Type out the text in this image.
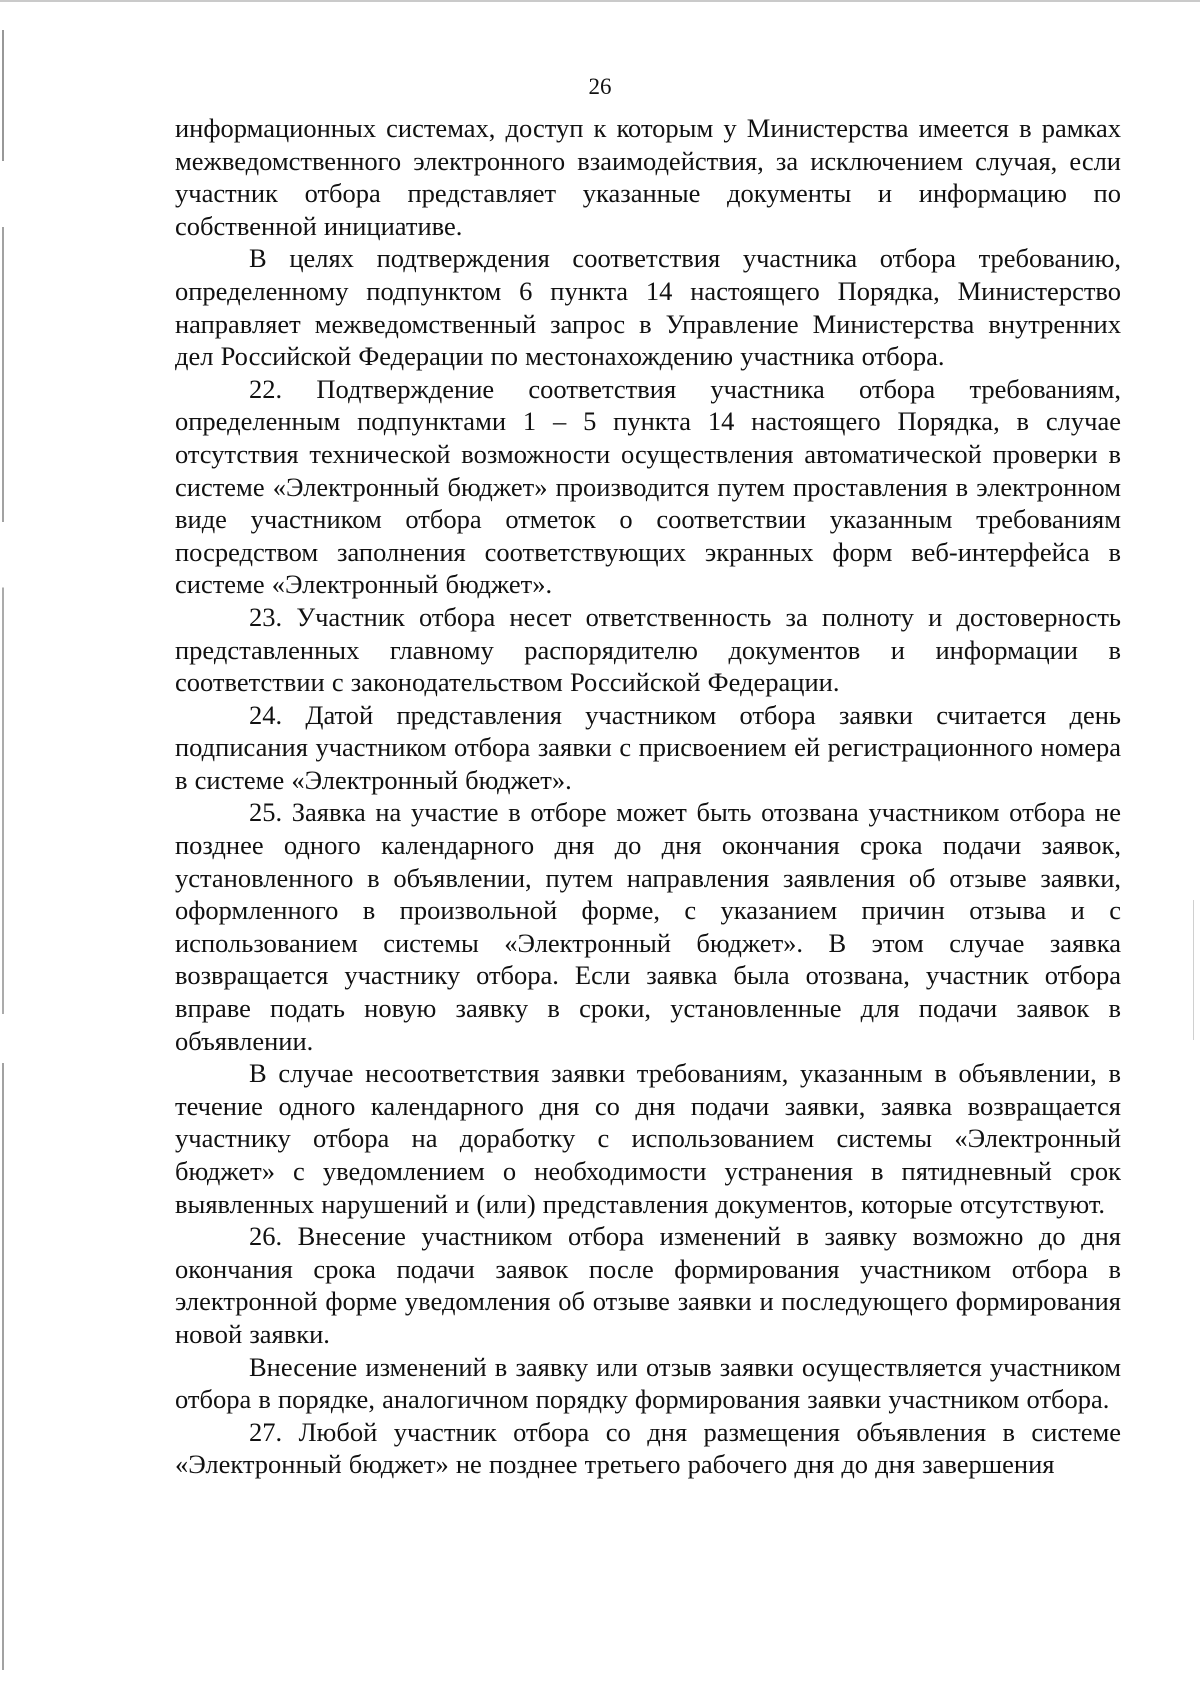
26

информационных системах, доступ к которым у Министерства имеется в рамках межведомственного электронного взаимодействия, за исключением случая, если участник отбора представляет указанные документы и информацию по собственной инициативе.

В целях подтверждения соответствия участника отбора требованию, определенному подпунктом 6 пункта 14 настоящего Порядка, Министерство направляет межведомственный запрос в Управление Министерства внутренних дел Российской Федерации по местонахождению участника отбора.

22. Подтверждение соответствия участника отбора требованиям, определенным подпунктами 1 – 5 пункта 14 настоящего Порядка, в случае отсутствия технической возможности осуществления автоматической проверки в системе «Электронный бюджет» производится путем проставления в электронном виде участником отбора отметок о соответствии указанным требованиям посредством заполнения соответствующих экранных форм веб-интерфейса в системе «Электронный бюджет».

23. Участник отбора несет ответственность за полноту и достоверность представленных главному распорядителю документов и информации в соответствии с законодательством Российской Федерации.

24. Датой представления участником отбора заявки считается день подписания участником отбора заявки с присвоением ей регистрационного номера в системе «Электронный бюджет».

25. Заявка на участие в отборе может быть отозвана участником отбора не позднее одного календарного дня до дня окончания срока подачи заявок, установленного в объявлении, путем направления заявления об отзыве заявки, оформленного в произвольной форме, с указанием причин отзыва и с использованием системы «Электронный бюджет». В этом случае заявка возвращается участнику отбора. Если заявка была отозвана, участник отбора вправе подать новую заявку в сроки, установленные для подачи заявок в объявлении.

В случае несоответствия заявки требованиям, указанным в объявлении, в течение одного календарного дня со дня подачи заявки, заявка возвращается участнику отбора на доработку с использованием системы «Электронный бюджет» с уведомлением о необходимости устранения в пятидневный срок выявленных нарушений и (или) представления документов, которые отсутствуют.

26. Внесение участником отбора изменений в заявку возможно до дня окончания срока подачи заявок после формирования участником отбора в электронной форме уведомления об отзыве заявки и последующего формирования новой заявки.

Внесение изменений в заявку или отзыв заявки осуществляется участником отбора в порядке, аналогичном порядку формирования заявки участником отбора.

27. Любой участник отбора со дня размещения объявления в системе «Электронный бюджет» не позднее третьего рабочего дня до дня завершения
